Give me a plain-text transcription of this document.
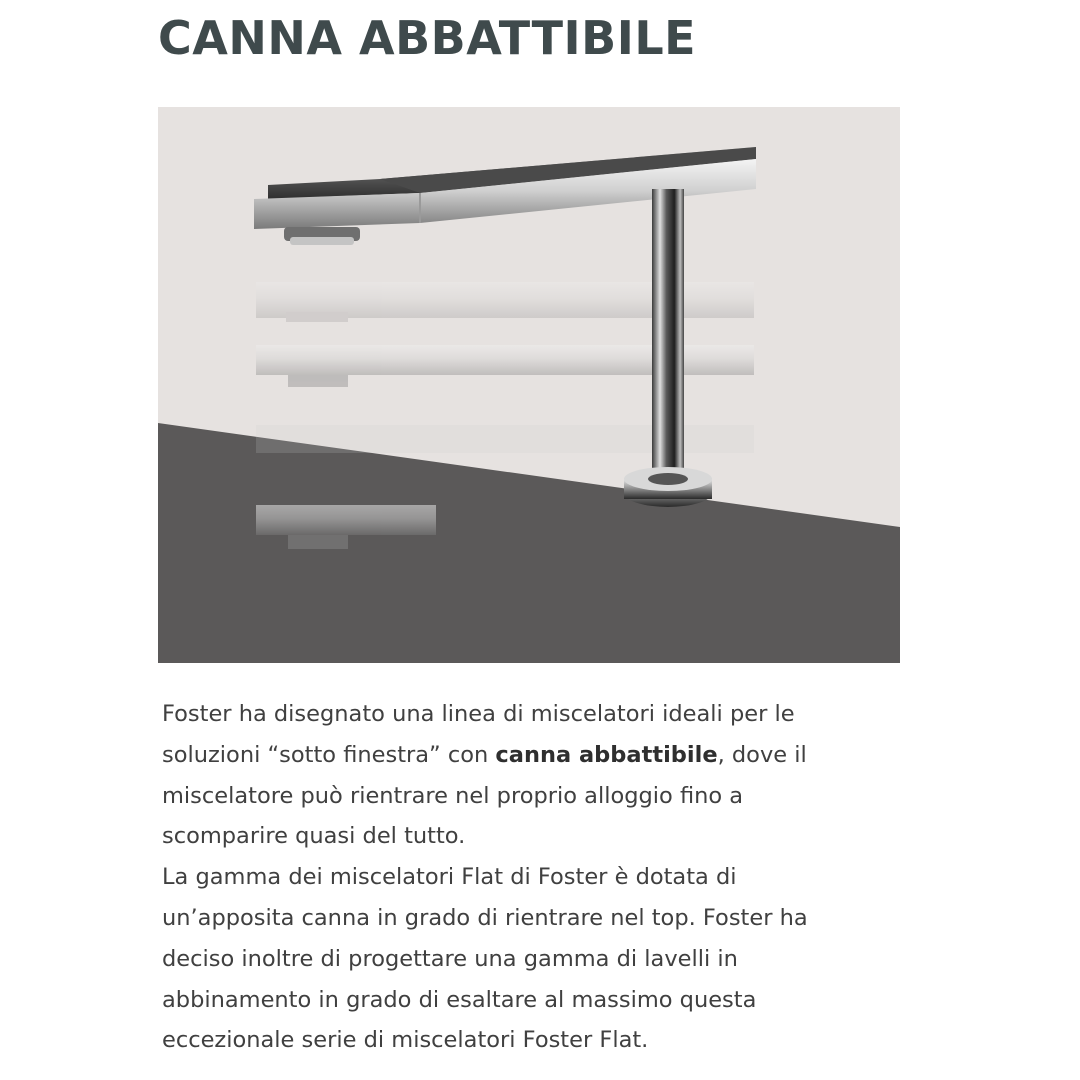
CANNA ABBATTIBILE

Foster ha disegnato una linea di miscelatori ideali per le
soluzioni “sotto finestra” con canna abbattibile, dove il
miscelatore può rientrare nel proprio alloggio fino a
scomparire quasi del tutto.
La gamma dei miscelatori Flat di Foster è dotata di
un’apposita canna in grado di rientrare nel top. Foster ha
deciso inoltre di progettare una gamma di lavelli in
abbinamento in grado di esaltare al massimo questa
eccezionale serie di miscelatori Foster Flat.
